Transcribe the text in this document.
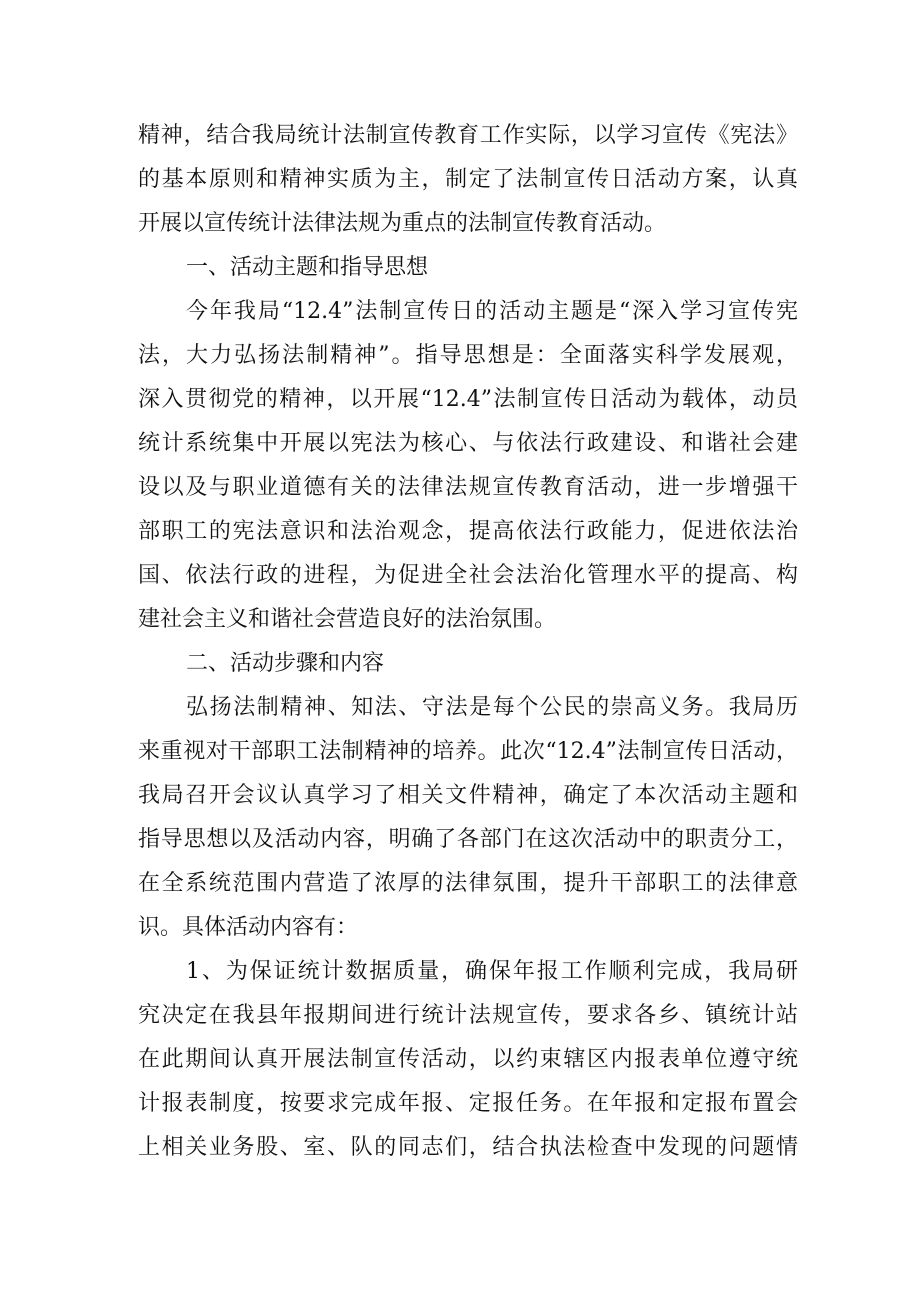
精神，结合我局统计法制宣传教育工作实际，以学习宣传《宪法》
的基本原则和精神实质为主，制定了法制宣传日活动方案，认真
开展以宣传统计法律法规为重点的法制宣传教育活动。
一、活动主题和指导思想
今年我局“12.4”法制宣传日的活动主题是“深入学习宣传宪
法，大力弘扬法制精神”。指导思想是：全面落实科学发展观，
深入贯彻党的精神，以开展“12.4”法制宣传日活动为载体，动员
统计系统集中开展以宪法为核心、与依法行政建设、和谐社会建
设以及与职业道德有关的法律法规宣传教育活动，进一步增强干
部职工的宪法意识和法治观念，提高依法行政能力，促进依法治
国、依法行政的进程，为促进全社会法治化管理水平的提高、构
建社会主义和谐社会营造良好的法治氛围。
二、活动步骤和内容
弘扬法制精神、知法、守法是每个公民的崇高义务。我局历
来重视对干部职工法制精神的培养。此次“12.4”法制宣传日活动，
我局召开会议认真学习了相关文件精神，确定了本次活动主题和
指导思想以及活动内容，明确了各部门在这次活动中的职责分工，
在全系统范围内营造了浓厚的法律氛围，提升干部职工的法律意
识。具体活动内容有：
1、为保证统计数据质量，确保年报工作顺利完成，我局研
究决定在我县年报期间进行统计法规宣传，要求各乡、镇统计站
在此期间认真开展法制宣传活动，以约束辖区内报表单位遵守统
计报表制度，按要求完成年报、定报任务。在年报和定报布置会
上相关业务股、室、队的同志们，结合执法检查中发现的问题情
